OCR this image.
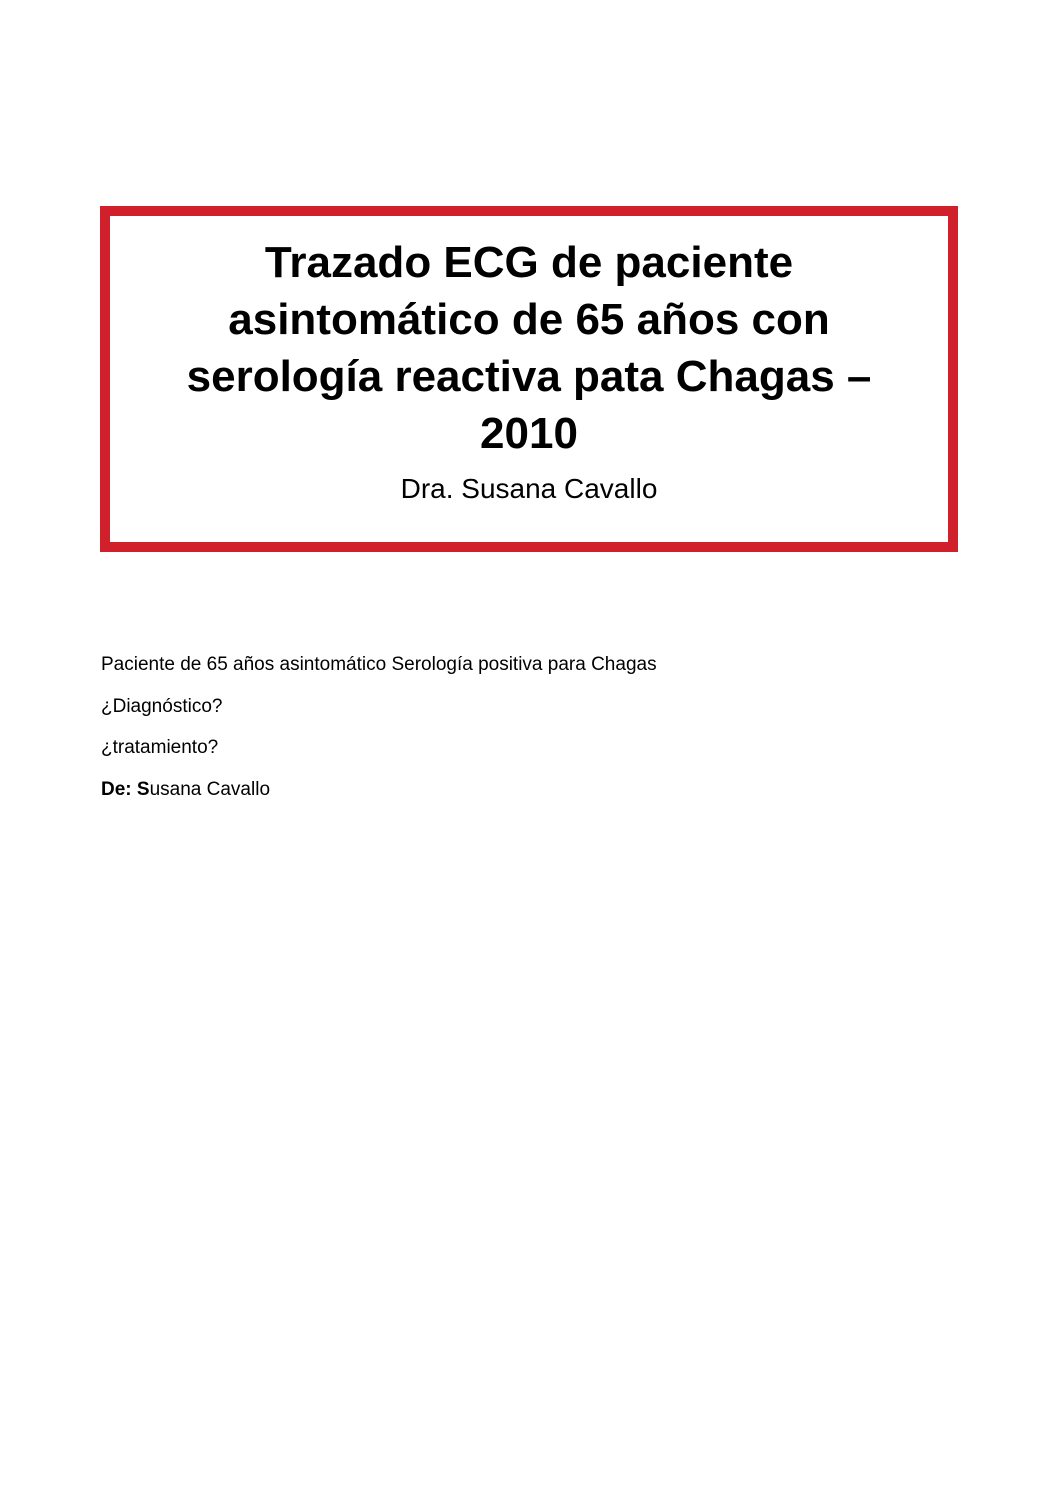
Trazado ECG de paciente
asintomático de 65 años con
serología reactiva pata Chagas –
2010

Dra. Susana Cavallo

Paciente de 65 años asintomático Serología positiva para Chagas

¿Diagnóstico?

¿tratamiento?

De: Susana Cavallo
